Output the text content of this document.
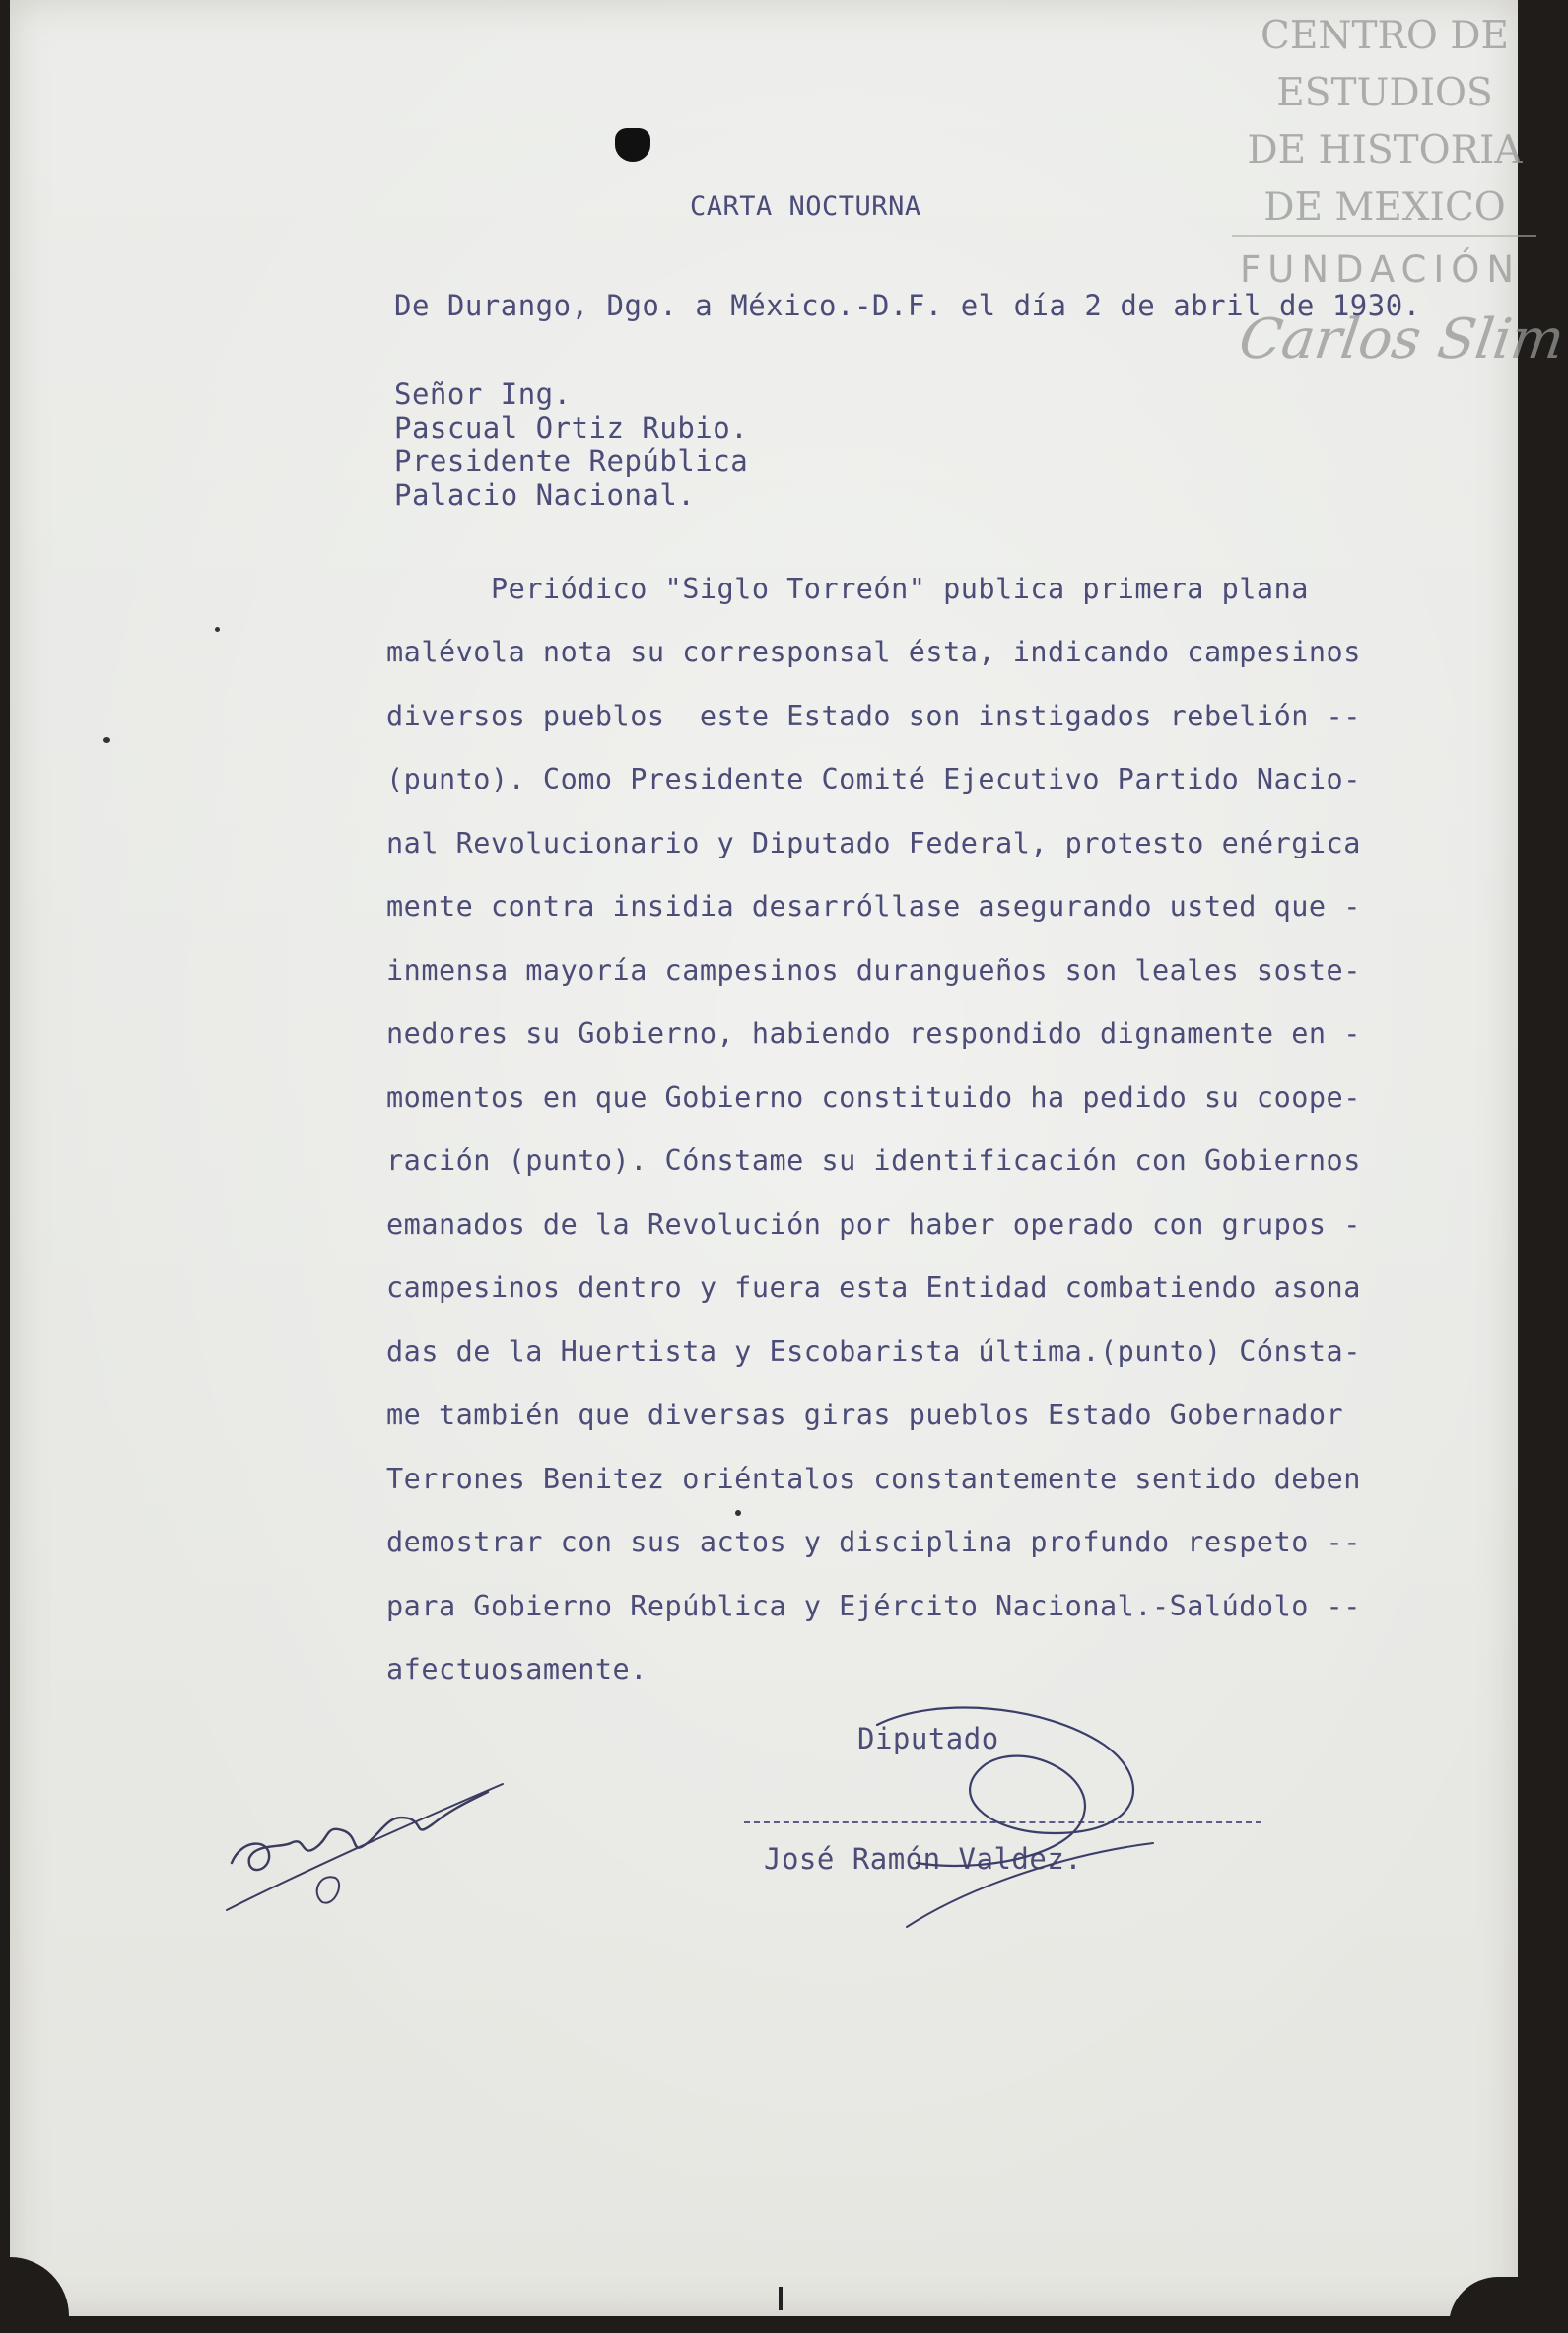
CENTRO DE
ESTUDIOS
DE HISTORIA
DE MEXICO
FUNDACIÓN
Carlos Slim
CARTA NOCTURNA
De Durango, Dgo. a México.-D.F. el día 2 de abril de 1930.
Señor Ing.
Pascual Ortiz Rubio.
Presidente República
Palacio Nacional.
Periódico "Siglo Torreón" publica primera plana
malévola nota su corresponsal ésta, indicando campesinos
diversos pueblos  este Estado son instigados rebelión --
(punto). Como Presidente Comité Ejecutivo Partido Nacio-
nal Revolucionario y Diputado Federal, protesto enérgica
mente contra insidia desarróllase asegurando usted que -
inmensa mayoría campesinos durangueños son leales soste-
nedores su Gobierno, habiendo respondido dignamente en -
momentos en que Gobierno constituido ha pedido su coope-
ración (punto). Cónstame su identificación con Gobiernos
emanados de la Revolución por haber operado con grupos -
campesinos dentro y fuera esta Entidad combatiendo asona
das de la Huertista y Escobarista última.(punto) Cónsta-
me también que diversas giras pueblos Estado Gobernador
Terrones Benitez oriéntalos constantemente sentido deben
demostrar con sus actos y disciplina profundo respeto --
para Gobierno República y Ejército Nacional.-Salúdolo --
afectuosamente.
Diputado
José Ramón Valdez.
